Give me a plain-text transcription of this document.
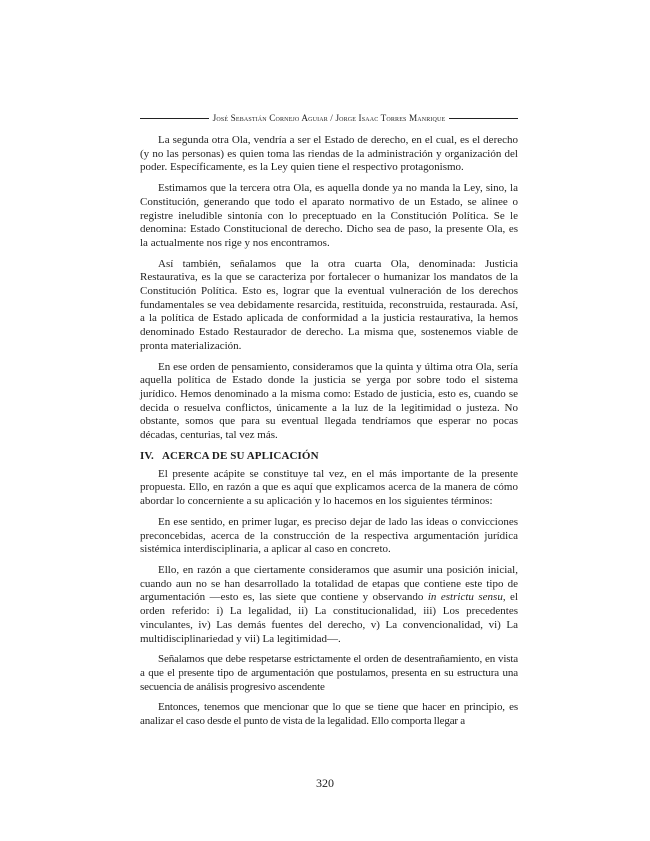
José Sebastián Cornejo Aguiar / Jorge Isaac Torres Manrique

La segunda otra Ola, vendría a ser el Estado de derecho, en el cual, es el derecho (y no las personas) es quien toma las riendas de la administración y organización del poder. Específicamente, es la Ley quien tiene el respectivo protagonismo.

Estimamos que la tercera otra Ola, es aquella donde ya no manda la Ley, sino, la Constitución, generando que todo el aparato normativo de un Estado, se alinee o registre ineludible sintonía con lo preceptuado en la Constitución Política. Se le denomina: Estado Constitucional de derecho. Dicho sea de paso, la presente Ola, es la actualmente nos rige y nos encontramos.

Así también, señalamos que la otra cuarta Ola, denominada: Justicia Restaurativa, es la que se caracteriza por fortalecer o humanizar los mandatos de la Constitución Política. Esto es, lograr que la eventual vulneración de los derechos fundamentales se vea debidamente resarcida, restituida, reconstruida, restaurada. Así, a la política de Estado aplicada de conformidad a la justicia restaurativa, la hemos denominado Estado Restaurador de derecho. La misma que, sostenemos viable de pronta materialización.

En ese orden de pensamiento, consideramos que la quinta y última otra Ola, sería aquella política de Estado donde la justicia se yerga por sobre todo el sistema jurídico. Hemos denominado a la misma como: Estado de justicia, esto es, cuando se decida o resuelva conflictos, únicamente a la luz de la legitimidad o justeza. No obstante, somos que para su eventual llegada tendríamos que esperar no pocas décadas, centurias, tal vez más.

IV. ACERCA DE SU APLICACIÓN

El presente acápite se constituye tal vez, en el más importante de la presente propuesta. Ello, en razón a que es aquí que explicamos acerca de la manera de cómo abordar lo concerniente a su aplicación y lo hacemos en los siguientes términos:

En ese sentido, en primer lugar, es preciso dejar de lado las ideas o convicciones preconcebidas, acerca de la construcción de la respectiva argumentación jurídica sistémica interdisciplinaria, a aplicar al caso en concreto.

Ello, en razón a que ciertamente consideramos que asumir una posición inicial, cuando aun no se han desarrollado la totalidad de etapas que contiene este tipo de argumentación —esto es, las siete que contiene y observando in estrictu sensu, el orden referido: i) La legalidad, ii) La constitucionalidad, iii) Los precedentes vinculantes, iv) Las demás fuentes del derecho, v) La convencionalidad, vi) La multidisciplinariedad y vii) La legitimidad—.

Señalamos que debe respetarse estrictamente el orden de desentrañamiento, en vista a que el presente tipo de argumentación que postulamos, presenta en su estructura una secuencia de análisis progresivo ascendente

Entonces, tenemos que mencionar que lo que se tiene que hacer en principio, es analizar el caso desde el punto de vista de la legalidad. Ello comporta llegar a

320
